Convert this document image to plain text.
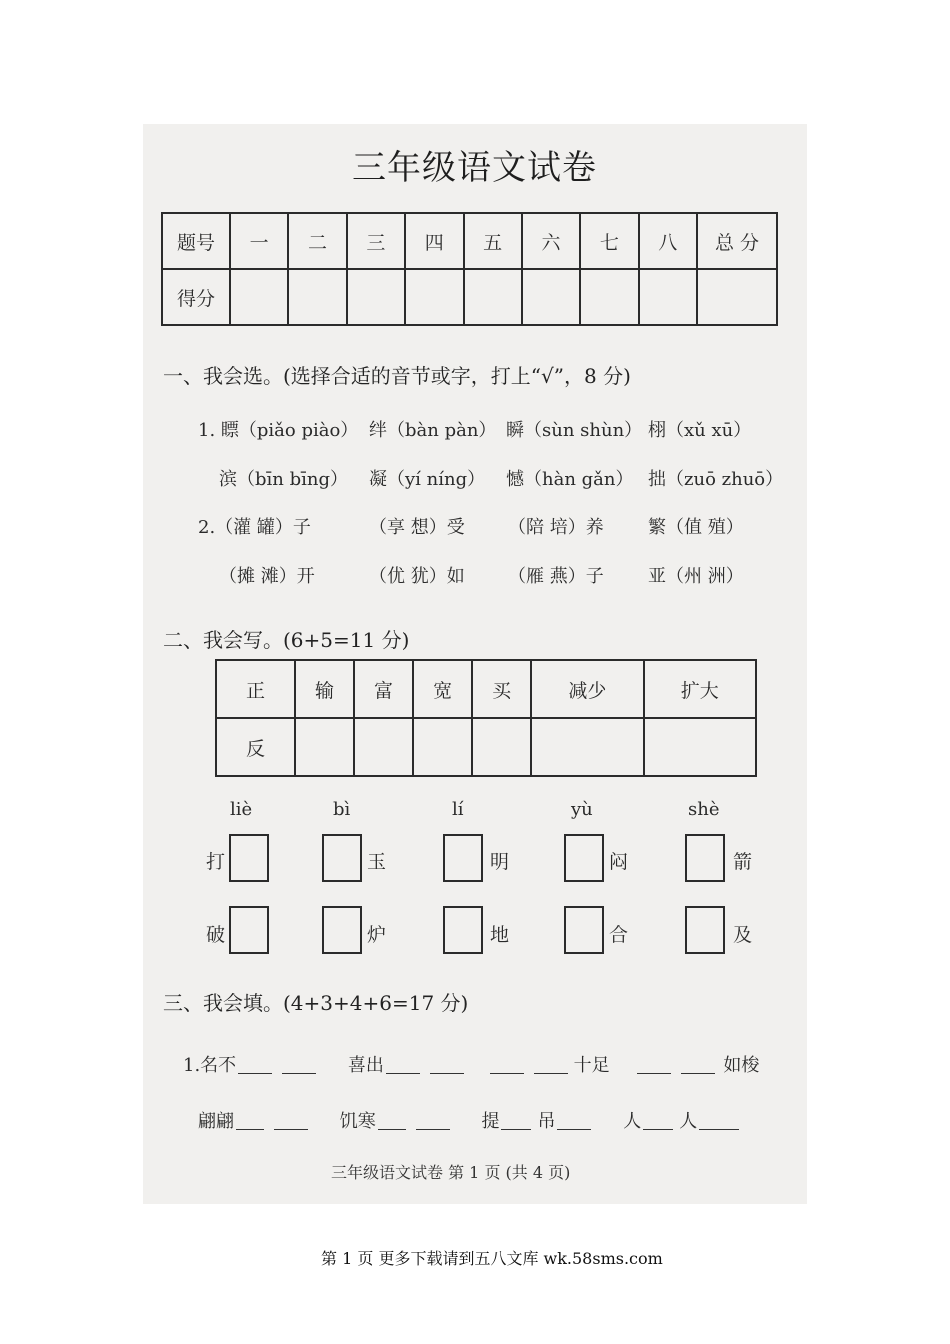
三年级语文试卷
题号	一	二	三	四	五	六	七	八	总 分
得分									
一、我会选。(选择合适的音节或字，打上“√”，8 分)
1. 瞟（piǎo piào） 绊（bàn pàn） 瞬（sùn shùn） 栩（xǔ xū）
滨（bīn bīng） 凝（yí níng） 憾（hàn gǎn） 拙（zuō zhuō）
2.（灌 罐）子	（享 想）受 （陪 培）养 繁（值 殖）
（摊 滩）开	（优 犹）如 （雁 燕）子 亚（州 洲）
二、我会写。(6+5=11 分)
正	输	富	宽	买	减少	扩大
反						
liè	bì	lí	yù	shè
打	玉	明	闷	箭
破	炉	地	合	及
三、我会填。(4+3+4+6=17 分)
1.名不	喜出	十足	如梭
翩翩	饥寒	提 吊	人 人
三年级语文试卷 第 1 页 (共 4 页)
第 1 页 更多下载请到五八文库 wk.58sms.com
